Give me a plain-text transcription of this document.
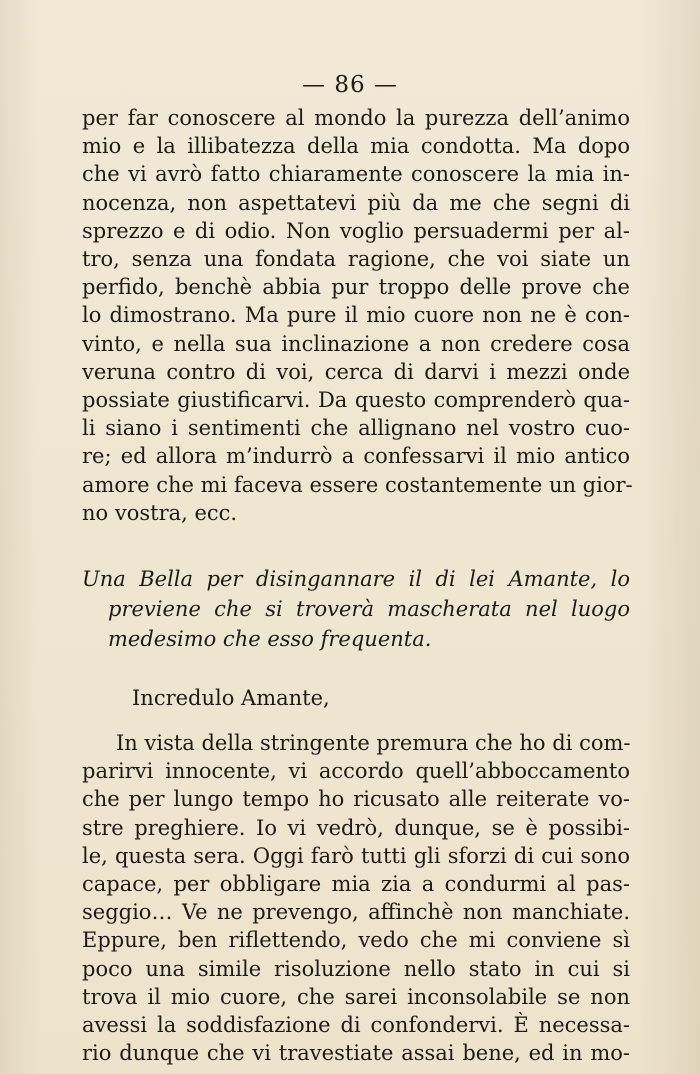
— 86 —
per far conoscere al mondo la purezza dell’animo
mio e la illibatezza della mia condotta. Ma dopo
che vi avrò fatto chiaramente conoscere la mia in-
nocenza, non aspettatevi più da me che segni di
sprezzo e di odio. Non voglio persuadermi per al-
tro, senza una fondata ragione, che voi siate un
perfido, benchè abbia pur troppo delle prove che
lo dimostrano. Ma pure il mio cuore non ne è con-
vinto, e nella sua inclinazione a non credere cosa
veruna contro di voi, cerca di darvi i mezzi onde
possiate giustificarvi. Da questo comprenderò qua-
li siano i sentimenti che allignano nel vostro cuo-
re; ed allora m’indurrò a confessarvi il mio antico
amore che mi faceva essere costantemente un gior-
no vostra, ecc.
Una Bella per disingannare il di lei Amante, lo
previene che si troverà mascherata nel luogo
medesimo che esso frequenta.
Incredulo Amante,
In vista della stringente premura che ho di com-
parirvi innocente, vi accordo quell’abboccamento
che per lungo tempo ho ricusato alle reiterate vo-
stre preghiere. Io vi vedrò, dunque, se è possibi-
le, questa sera. Oggi farò tutti gli sforzi di cui sono
capace, per obbligare mia zia a condurmi al pas-
seggio… Ve ne prevengo, affinchè non manchiate.
Eppure, ben riflettendo, vedo che mi conviene sì
poco una simile risoluzione nello stato in cui si
trova il mio cuore, che sarei inconsolabile se non
avessi la soddisfazione di confondervi. È necessa-
rio dunque che vi travestiate assai bene, ed in mo-
